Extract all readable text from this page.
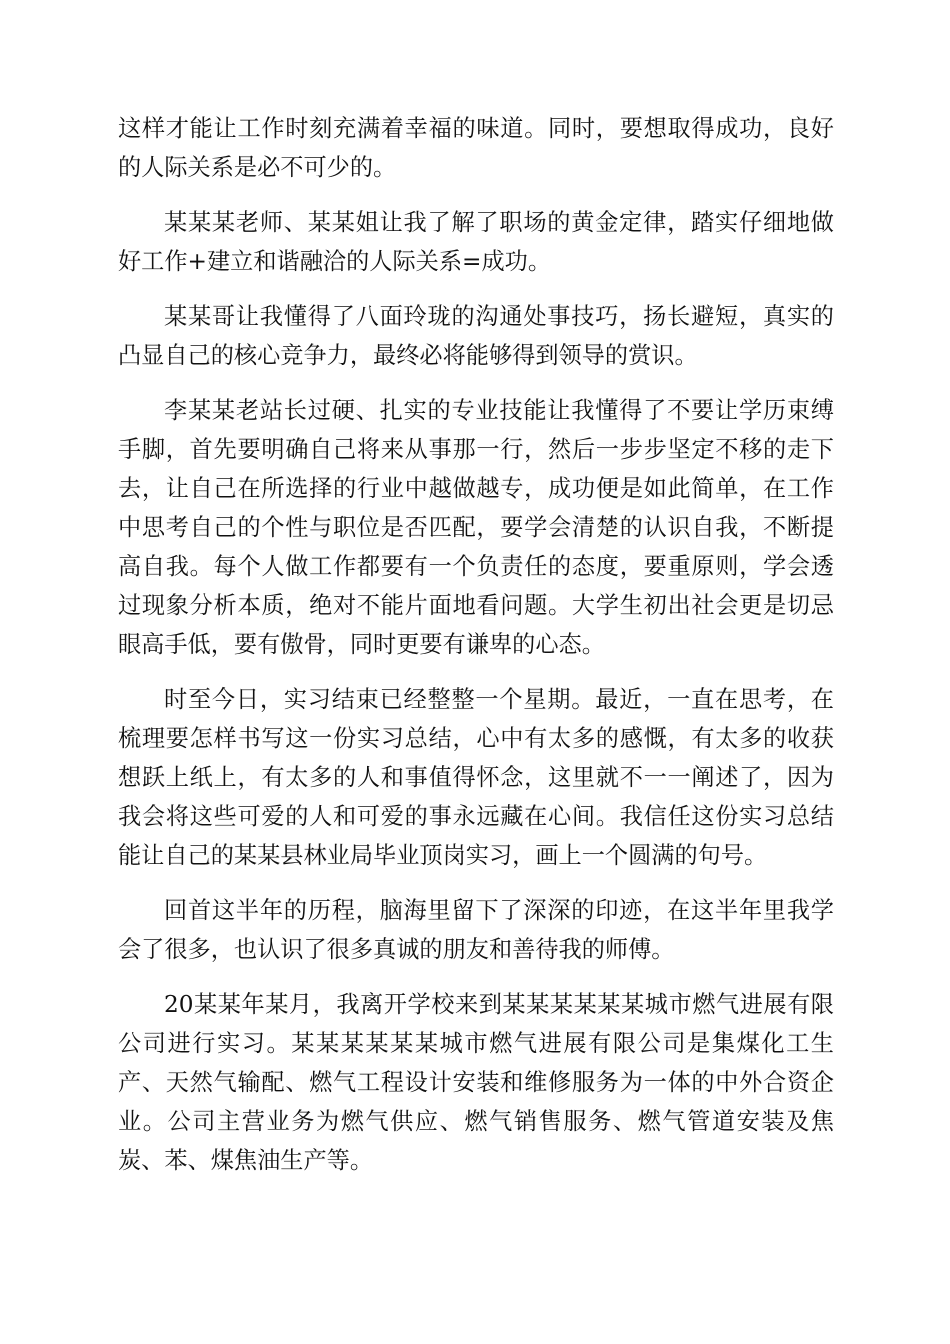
这样才能让工作时刻充满着幸福的味道。同时，要想取得成功，良好的人际关系是必不可少的。

某某某老师、某某姐让我了解了职场的黄金定律，踏实仔细地做好工作+建立和谐融洽的人际关系=成功。

某某哥让我懂得了八面玲珑的沟通处事技巧，扬长避短，真实的凸显自己的核心竞争力，最终必将能够得到领导的赏识。

李某某老站长过硬、扎实的专业技能让我懂得了不要让学历束缚手脚，首先要明确自己将来从事那一行，然后一步步坚定不移的走下去，让自己在所选择的行业中越做越专，成功便是如此简单，在工作中思考自己的个性与职位是否匹配，要学会清楚的认识自我，不断提高自我。每个人做工作都要有一个负责任的态度，要重原则，学会透过现象分析本质，绝对不能片面地看问题。大学生初出社会更是切忌眼高手低，要有傲骨，同时更要有谦卑的心态。

时至今日，实习结束已经整整一个星期。最近，一直在思考，在梳理要怎样书写这一份实习总结，心中有太多的感慨，有太多的收获想跃上纸上，有太多的人和事值得怀念，这里就不一一阐述了，因为我会将这些可爱的人和可爱的事永远藏在心间。我信任这份实习总结能让自己的某某县林业局毕业顶岗实习，画上一个圆满的句号。

回首这半年的历程，脑海里留下了深深的印迹，在这半年里我学会了很多，也认识了很多真诚的朋友和善待我的师傅。

20某某年某月，我离开学校来到某某某某某某城市燃气进展有限公司进行实习。某某某某某某城市燃气进展有限公司是集煤化工生产、天然气输配、燃气工程设计安装和维修服务为一体的中外合资企业。公司主营业务为燃气供应、燃气销售服务、燃气管道安装及焦炭、苯、煤焦油生产等。
